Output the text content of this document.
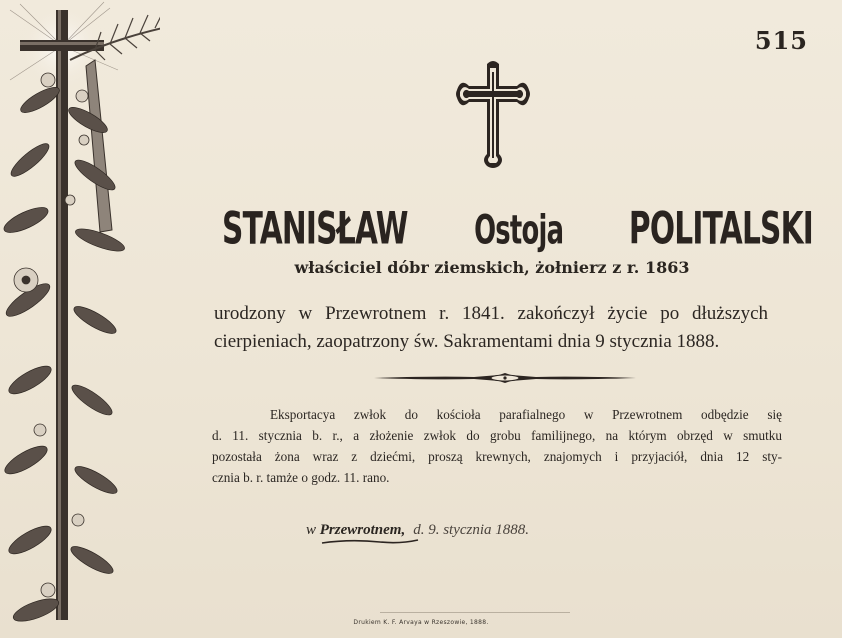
515
STANISŁAW Ostoja POLITALSKI
właściciel dóbr ziemskich, żołnierz z r. 1863
urodzony w Przewrotnem r. 1841. zakończył życie po dłuższych
cierpieniach, zaopatrzony św. Sakramentami dnia 9 stycznia 1888.
Eksportacya zwłok do kościoła parafialnego w Przewrotnem odbędzie się
d. 11. stycznia b. r., a złożenie zwłok do grobu familijnego, na którym obrzęd w smutku
pozostała żona wraz z dziećmi, proszą krewnych, znajomych i przyjaciół, dnia 12 sty-
cznia b. r. tamże o godz. 11. rano.
w Przewrotnem, d. 9. stycznia 1888.
Drukiem K. F. Arvaya w Rzeszowie, 1888.
